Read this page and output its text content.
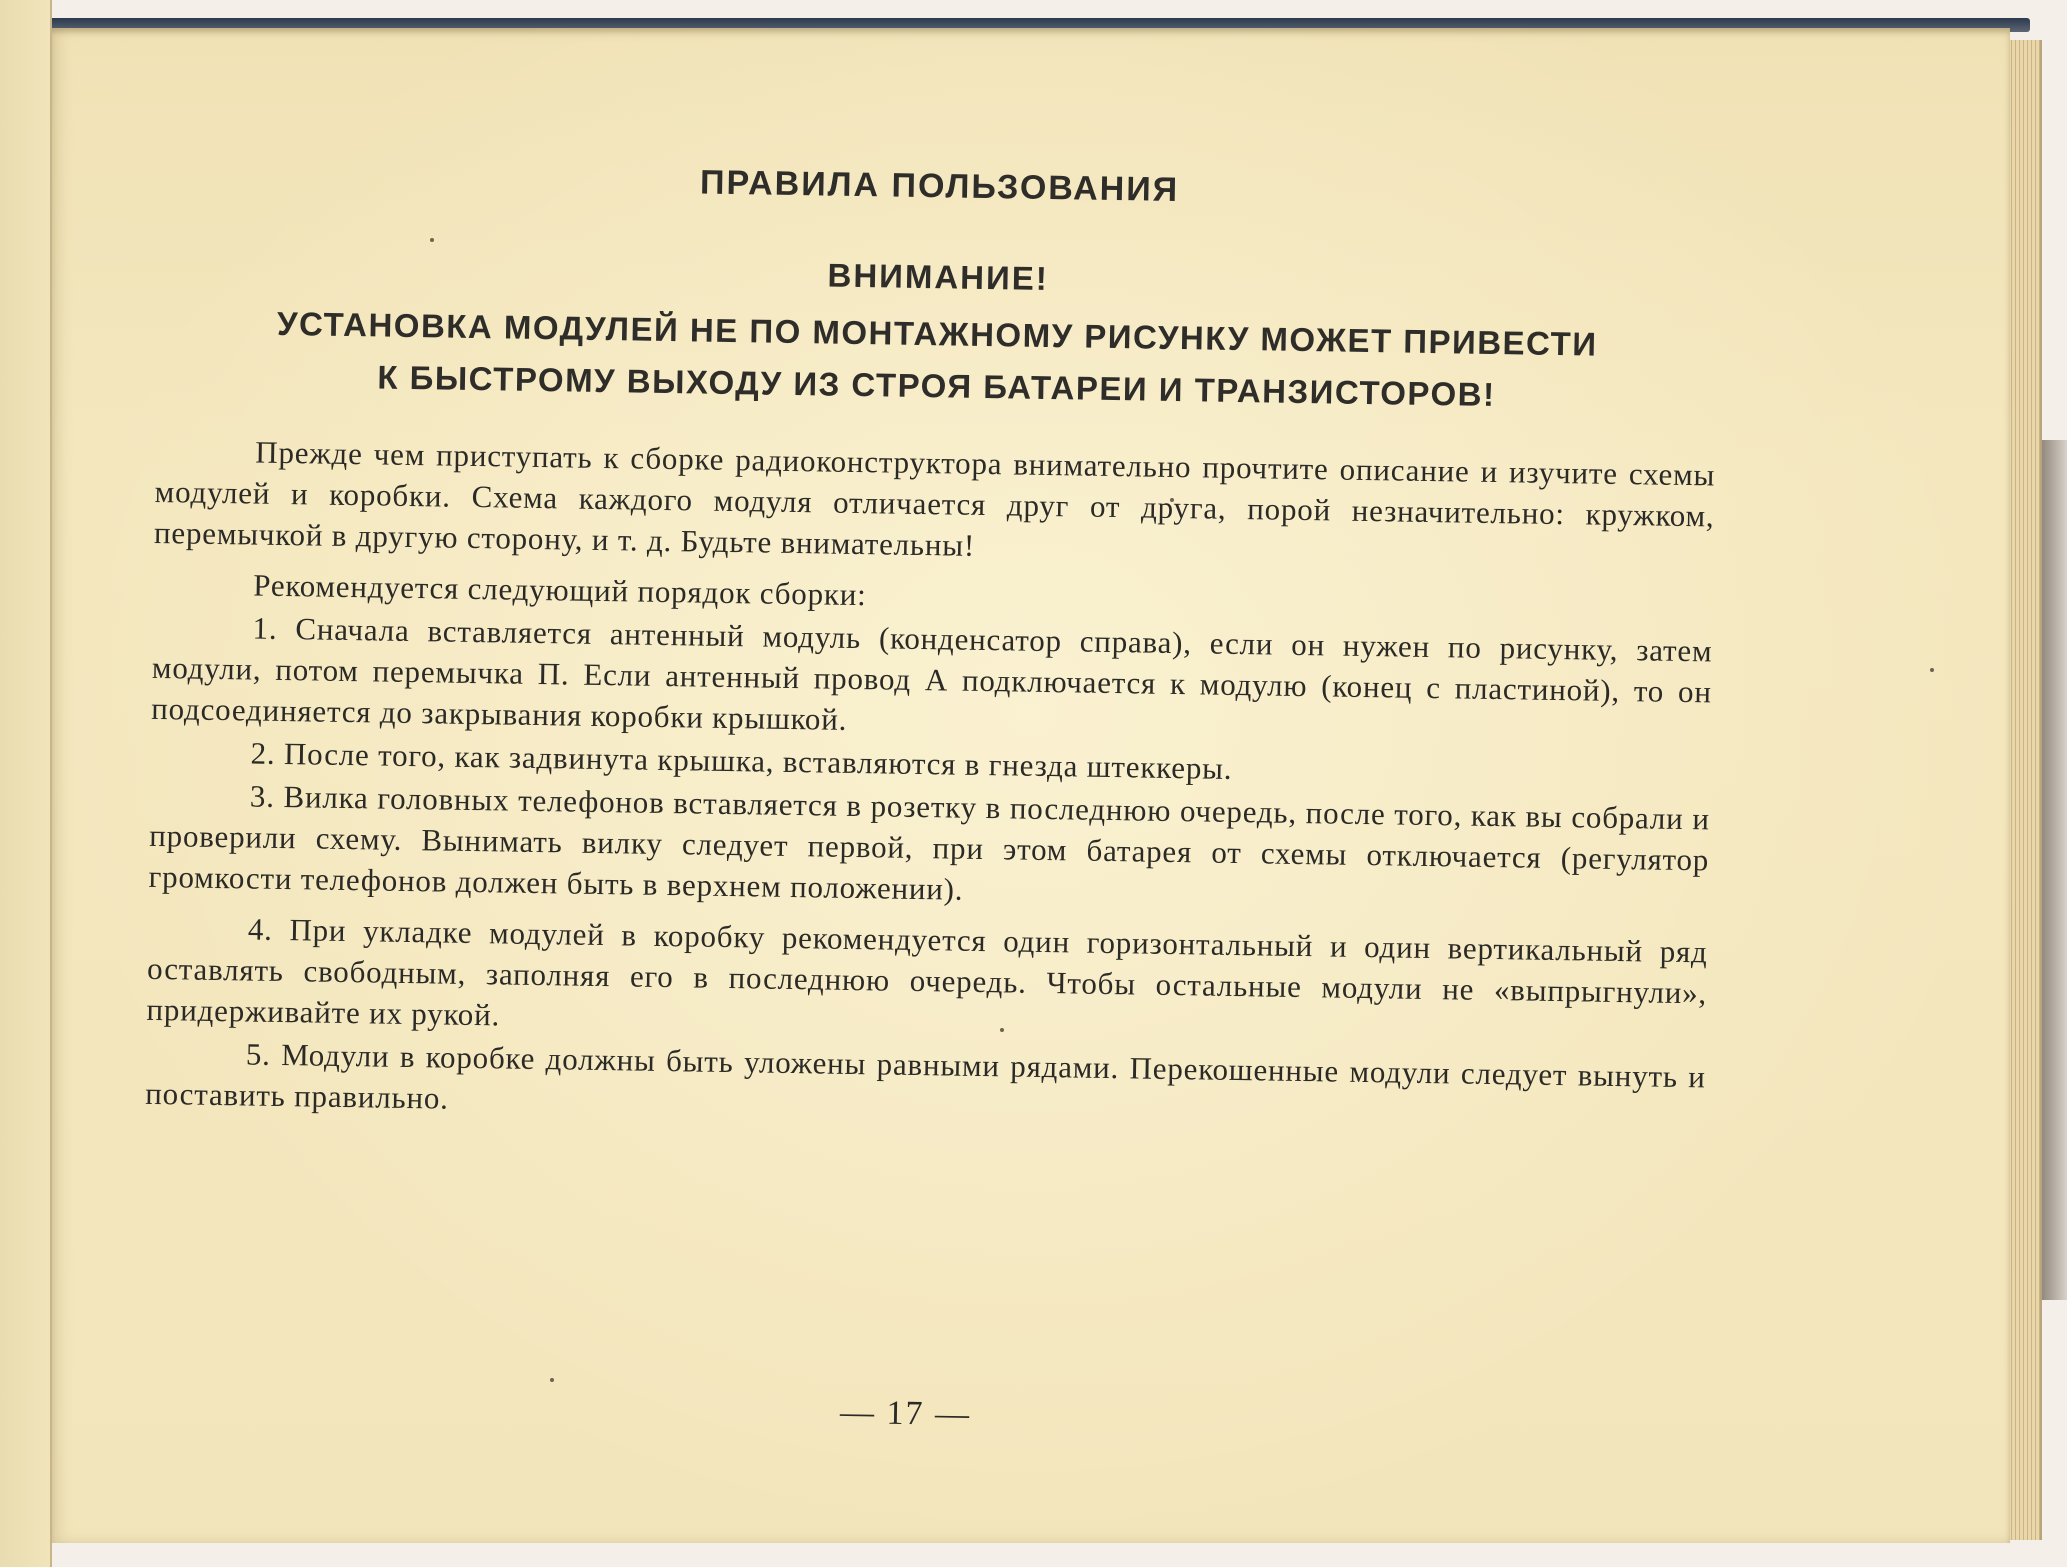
ПРАВИЛА ПОЛЬЗОВАНИЯ
ВНИМАНИЕ!
УСТАНОВКА МОДУЛЕЙ НЕ ПО МОНТАЖНОМУ РИСУНКУ МОЖЕТ ПРИВЕСТИ
К БЫСТРОМУ ВЫХОДУ ИЗ СТРОЯ БАТАРЕИ И ТРАНЗИСТОРОВ!

Прежде чем приступать к сборке радиоконструктора внимательно прочтите описание и изучите схемы модулей и коробки. Схема каждого модуля отличается друг от друга, порой незначительно: кружком, перемычкой в другую сторону, и т. д. Будьте внимательны!

Рекомендуется следующий порядок сборки:

1. Сначала вставляется антенный модуль (конденсатор справа), если он нужен по рисунку, затем модули, потом перемычка П. Если антенный провод А подключается к модулю (конец с пластиной), то он подсоединяется до закрывания коробки крышкой.

2. После того, как задвинута крышка, вставляются в гнезда штеккеры.

3. Вилка головных телефонов вставляется в розетку в последнюю очередь, после того, как вы собрали и проверили схему. Вынимать вилку следует первой, при этом батарея от схемы отключается (регулятор громкости телефонов должен быть в верхнем положении).

4. При укладке модулей в коробку рекомендуется один горизонтальный и один вертикальный ряд оставлять свободным, заполняя его в последнюю очередь. Чтобы остальные модули не «выпрыгнули», придерживайте их рукой.

5. Модули в коробке должны быть уложены равными рядами. Перекошенные модули следует вынуть и поставить правильно.

— 17 —
